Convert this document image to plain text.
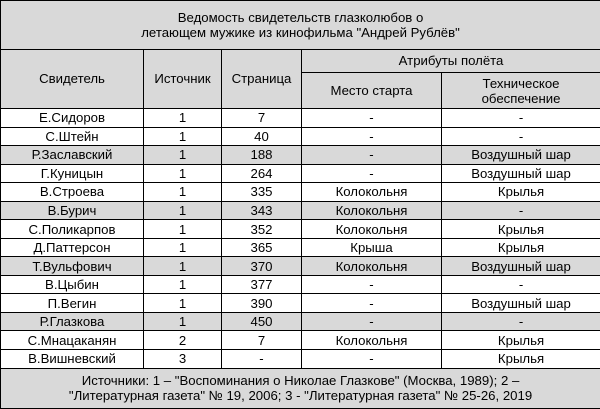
Ведомость свидетельств глазколюбов о
летающем мужике из кинофильма "Андрей Рублёв"				

Свидетель	Источник	Страница	Атрибуты полёта	
			Место старта	Техническое обеспечение
Е.Сидоров	1	7	-	-
С.Штейн	1	40	-	-
Р.Заславский	1	188	-	Воздушный шар
Г.Куницын	1	264	-	Воздушный шар
В.Строева	1	335	Колокольня	Крылья
В.Бурич	1	343	Колокольня	-
С.Поликарпов	1	352	Колокольня	Крылья
Д.Паттерсон	1	365	Крыша	Крылья
Т.Вульфович	1	370	Колокольня	Воздушный шар
В.Цыбин	1	377	-	-
П.Вегин	1	390	-	Воздушный шар
Р.Глазкова	1	450	-	-
С.Мнацаканян	2	7	Колокольня	Крылья
В.Вишневский	3	-	-	Крылья

Источники: 1 – "Воспоминания о Николае Глазкове" (Москва, 1989); 2 –
"Литературная газета" № 19, 2006; 3 - "Литературная газета" № 25-26, 2019				
